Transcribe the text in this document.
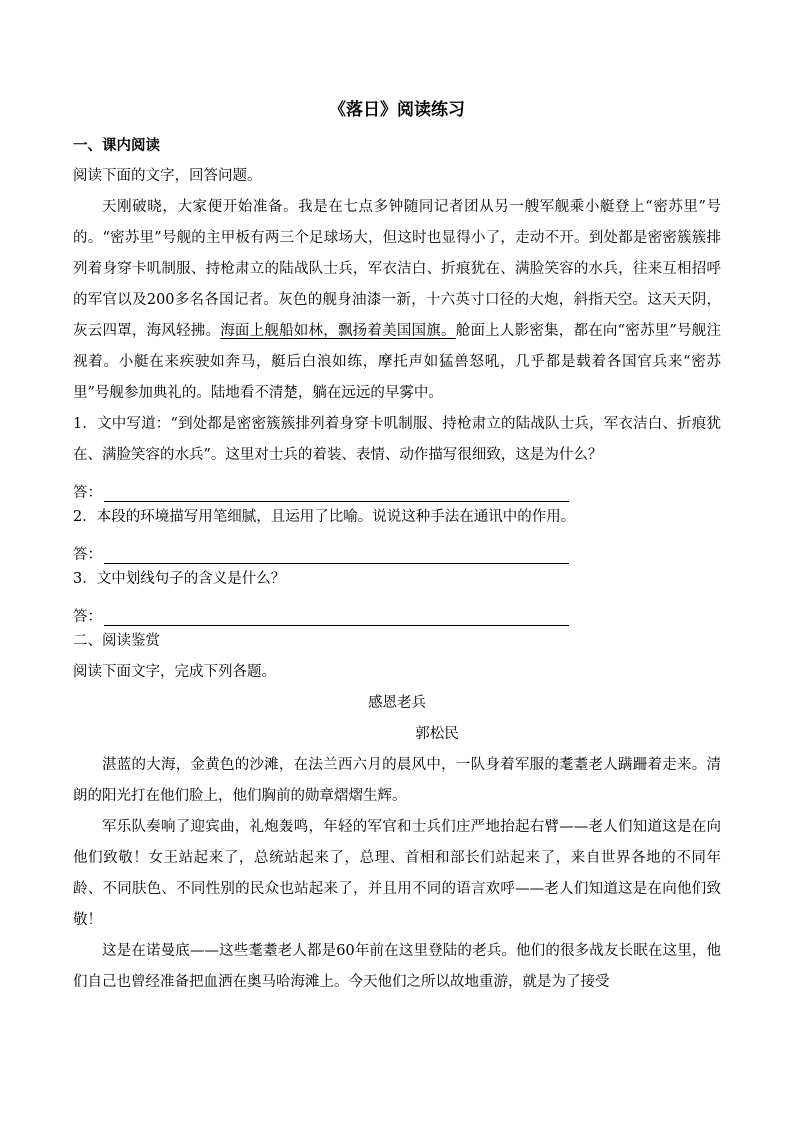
《落日》阅读练习
一、课内阅读
阅读下面的文字，回答问题。
天刚破晓，大家便开始准备。我是在七点多钟随同记者团从另一艘军舰乘小艇登上“密苏里”号的。“密苏里”号舰的主甲板有两三个足球场大，但这时也显得小了，走动不开。到处都是密密簇簇排列着身穿卡叽制服、持枪肃立的陆战队士兵，军衣洁白、折痕犹在、满脸笑容的水兵，往来互相招呼的军官以及200多名各国记者。灰色的舰身油漆一新，十六英寸口径的大炮，斜指天空。这天天阴，灰云四罩，海风轻拂。海面上舰船如林，飘扬着美国国旗。舱面上人影密集，都在向“密苏里”号舰注视着。小艇在来疾驶如奔马，艇后白浪如练，摩托声如猛兽怒吼，几乎都是载着各国官兵来“密苏里”号舰参加典礼的。陆地看不清楚，躺在远远的早雾中。
1．文中写道：“到处都是密密簇簇排列着身穿卡叽制服、持枪肃立的陆战队士兵，军衣洁白、折痕犹在、满脸笑容的水兵”。这里对士兵的着装、表情、动作描写很细致，这是为什么？
答：
2．本段的环境描写用笔细腻，且运用了比喻。说说这种手法在通讯中的作用。
答：
3．文中划线句子的含义是什么？
答：
二、阅读鉴赏
阅读下面文字，完成下列各题。
感恩老兵
郭松民
湛蓝的大海，金黄色的沙滩，在法兰西六月的晨风中，一队身着军服的耄耋老人蹒跚着走来。清朗的阳光打在他们脸上，他们胸前的勋章熠熠生辉。
军乐队奏响了迎宾曲，礼炮轰鸣，年轻的军官和士兵们庄严地抬起右臂——老人们知道这是在向他们致敬！女王站起来了，总统站起来了，总理、首相和部长们站起来了，来自世界各地的不同年龄、不同肤色、不同性别的民众也站起来了，并且用不同的语言欢呼——老人们知道这是在向他们致敬！
这是在诺曼底——这些耄耋老人都是60年前在这里登陆的老兵。他们的很多战友长眠在这里，他们自己也曾经准备把血洒在奥马哈海滩上。今天他们之所以故地重游，就是为了接受
